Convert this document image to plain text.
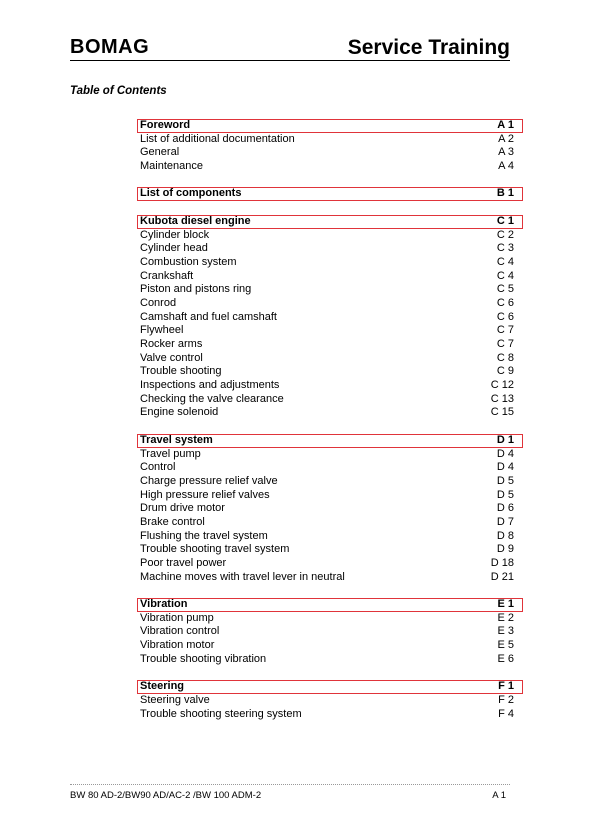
BOMAG	Service Training
Table of Contents
Foreword	A 1
List of additional documentation	A 2
General	A 3
Maintenance	A 4
List of components	B 1
Kubota diesel engine	C 1
Cylinder block	C 2
Cylinder head	C 3
Combustion system	C 4
Crankshaft	C 4
Piston and pistons ring	C 5
Conrod	C 6
Camshaft and fuel camshaft	C 6
Flywheel	C 7
Rocker arms	C 7
Valve control	C 8
Trouble shooting	C 9
Inspections and adjustments	C 12
Checking the valve clearance	C 13
Engine solenoid	C 15
Travel system	D 1
Travel pump	D 4
Control	D 4
Charge pressure relief valve	D 5
High pressure relief valves	D 5
Drum drive motor	D 6
Brake control	D 7
Flushing the travel system	D 8
Trouble shooting travel system	D 9
Poor travel power	D 18
Machine moves with travel lever in neutral	D 21
Vibration	E 1
Vibration pump	E 2
Vibration control	E 3
Vibration motor	E 5
Trouble shooting vibration	E 6
Steering	F 1
Steering valve	F 2
Trouble shooting steering system	F 4
BW 80 AD-2/BW90 AD/AC-2 /BW 100 ADM-2	A 1
